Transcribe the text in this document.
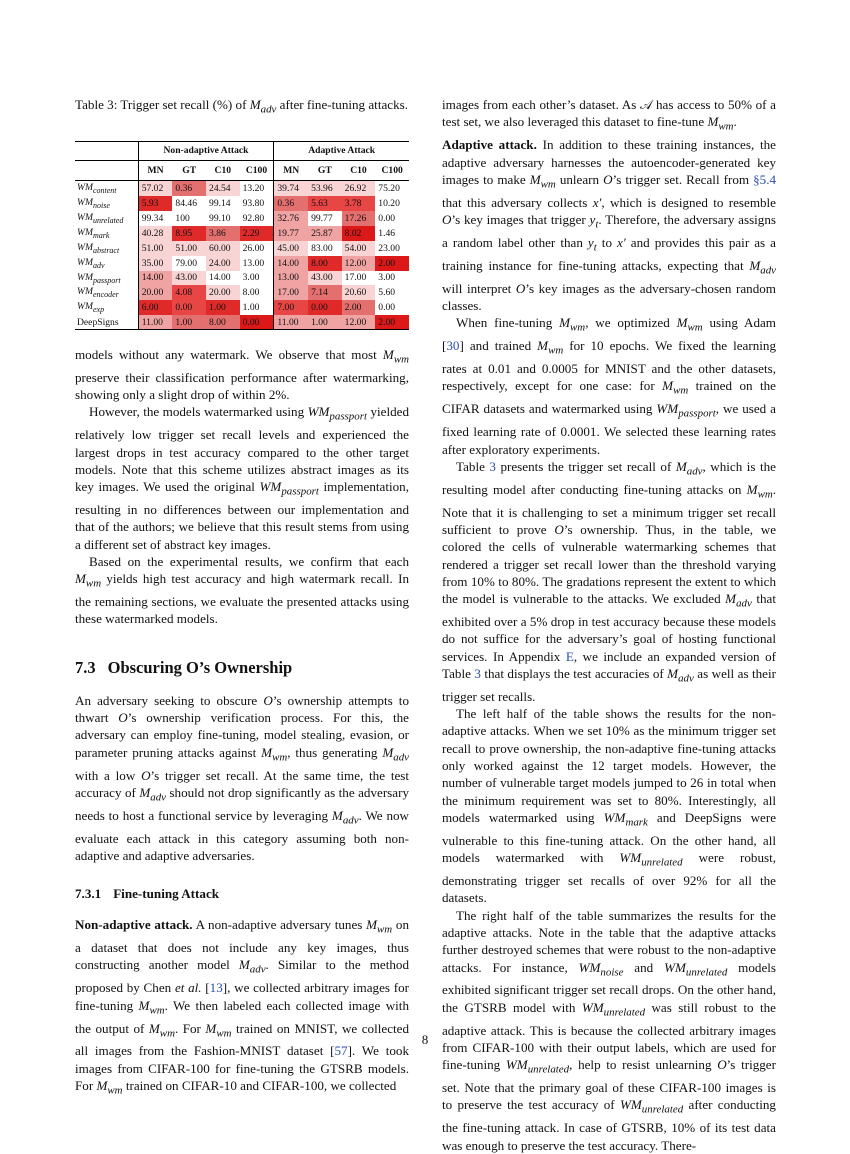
Table 3: Trigger set recall (%) of $M_{adv}$ after fine-tuning attacks.
	Non-adaptive Attack				Adaptive Attack			
	MN	GT	C10	C100	MN	GT	C10	C100
$WM_{content}$	57.02	0.36	24.54	13.20	39.74	53.96	26.92	75.20
$WM_{noise}$	5.93	84.46	99.14	93.80	0.36	5.63	3.78	10.20
$WM_{unrelated}$	99.34	100	99.10	92.80	32.76	99.77	17.26	0.00
$WM_{mark}$	40.28	8.95	3.86	2.29	19.77	25.87	8.02	1.46
$WM_{abstract}$	51.00	51.00	60.00	26.00	45.00	83.00	54.00	23.00
$WM_{adv}$	35.00	79.00	24.00	13.00	14.00	8.00	12.00	2.00
$WM_{passport}$	14.00	43.00	14.00	3.00	13.00	43.00	17.00	3.00
$WM_{encoder}$	20.00	4.08	20.00	8.00	17.00	7.14	20.60	5.60
$WM_{exp}$	6.00	0.00	1.00	1.00	7.00	0.00	2.00	0.00
DeepSigns	11.00	1.00	8.00	0.00	11.00	1.00	12.00	2.00

models without any watermark. We observe that most $M_{wm}$ preserve their classification performance after watermarking, showing only a slight drop of within 2%.

However, the models watermarked using $WM_{passport}$ yielded relatively low trigger set recall levels and experienced the largest drops in test accuracy compared to the other target models. Note that this scheme utilizes abstract images as its key images. We used the original $WM_{passport}$ implementation, resulting in no differences between our implementation and that of the authors; we believe that this result stems from using a different set of abstract key images.

Based on the experimental results, we confirm that each $M_{wm}$ yields high test accuracy and high watermark recall. In the remaining sections, we evaluate the presented attacks using these watermarked models.

7.3 Obscuring O’s Ownership

An adversary seeking to obscure O’s ownership attempts to thwart O’s ownership verification process. For this, the adversary can employ fine-tuning, model stealing, evasion, or parameter pruning attacks against $M_{wm}$, thus generating $M_{adv}$ with a low O’s trigger set recall. At the same time, the test accuracy of $M_{adv}$ should not drop significantly as the adversary needs to host a functional service by leveraging $M_{adv}$. We now evaluate each attack in this category assuming both non-adaptive and adaptive adversaries.

7.3.1 Fine-tuning Attack

Non-adaptive attack. A non-adaptive adversary tunes $M_{wm}$ on a dataset that does not include any key images, thus constructing another model $M_{adv}$. Similar to the method proposed by Chen et al. [13], we collected arbitrary images for fine-tuning $M_{wm}$. We then labeled each collected image with the output of $M_{wm}$. For $M_{wm}$ trained on MNIST, we collected all images from the Fashion-MNIST dataset [57]. We took images from CIFAR-100 for fine-tuning the GTSRB models. For $M_{wm}$ trained on CIFAR-10 and CIFAR-100, we collected

images from each other’s dataset. As 𝒜 has access to 50% of a test set, we also leveraged this dataset to fine-tune $M_{wm}$.

Adaptive attack. In addition to these training instances, the adaptive adversary harnesses the autoencoder-generated key images to make $M_{wm}$ unlearn O’s trigger set. Recall from §5.4 that this adversary collects x′, which is designed to resemble O’s key images that trigger $y_t$. Therefore, the adversary assigns a random label other than $y_t$ to x′ and provides this pair as a training instance for fine-tuning attacks, expecting that $M_{adv}$ will interpret O’s key images as the adversary-chosen random classes.

When fine-tuning $M_{wm}$, we optimized $M_{wm}$ using Adam [30] and trained $M_{wm}$ for 10 epochs. We fixed the learning rates at 0.01 and 0.0005 for MNIST and the other datasets, respectively, except for one case: for $M_{wm}$ trained on the CIFAR datasets and watermarked using $WM_{passport}$, we used a fixed learning rate of 0.0001. We selected these learning rates after exploratory experiments.

Table 3 presents the trigger set recall of $M_{adv}$, which is the resulting model after conducting fine-tuning attacks on $M_{wm}$. Note that it is challenging to set a minimum trigger set recall sufficient to prove O’s ownership. Thus, in the table, we colored the cells of vulnerable watermarking schemes that rendered a trigger set recall lower than the threshold varying from 10% to 80%. The gradations represent the extent to which the model is vulnerable to the attacks. We excluded $M_{adv}$ that exhibited over a 5% drop in test accuracy because these models do not suffice for the adversary’s goal of hosting functional services. In Appendix E, we include an expanded version of Table 3 that displays the test accuracies of $M_{adv}$ as well as their trigger set recalls.

The left half of the table shows the results for the non-adaptive attacks. When we set 10% as the minimum trigger set recall to prove ownership, the non-adaptive fine-tuning attacks only worked against the 12 target models. However, the number of vulnerable target models jumped to 26 in total when the minimum requirement was set to 80%. Interestingly, all models watermarked using $WM_{mark}$ and DeepSigns were vulnerable to this fine-tuning attack. On the other hand, all models watermarked with $WM_{unrelated}$ were robust, demonstrating trigger set recalls of over 92% for all the datasets.

The right half of the table summarizes the results for the adaptive attacks. Note in the table that the adaptive attacks further destroyed schemes that were robust to the non-adaptive attacks. For instance, $WM_{noise}$ and $WM_{unrelated}$ models exhibited significant trigger set recall drops. On the other hand, the GTSRB model with $WM_{unrelated}$ was still robust to the adaptive attack. This is because the collected arbitrary images from CIFAR-100 with their output labels, which are used for fine-tuning $WM_{unrelated}$, help to resist unlearning O’s trigger set. Note that the primary goal of these CIFAR-100 images is to preserve the test accuracy of $WM_{unrelated}$ after conducting the fine-tuning attack. In case of GTSRB, 10% of its test data was enough to preserve the test accuracy. There-

8
